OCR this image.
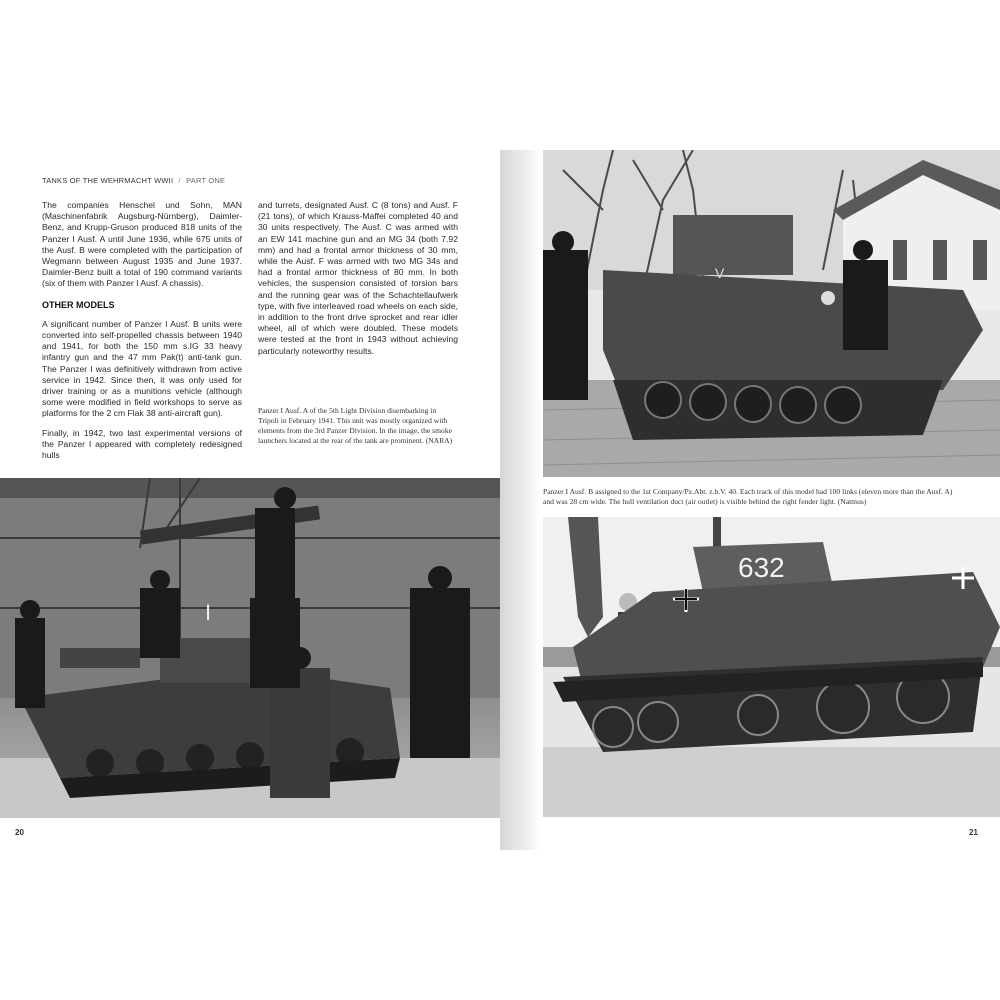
TANKS OF THE WEHRMACHT WWII / PART ONE

The companies Henschel und Sohn, MAN (Maschinenfabrik Augsburg-Nürnberg), Daimler-Benz, and Krupp-Gruson produced 818 units of the Panzer I Ausf. A until June 1936, while 675 units of the Ausf. B were completed with the participation of Wegmann between August 1935 and June 1937. Daimler-Benz built a total of 190 command variants (six of them with Panzer I Ausf. A chassis).

OTHER MODELS

A significant number of Panzer I Ausf. B units were converted into self-propelled chassis between 1940 and 1941, for both the 150 mm s.IG 33 heavy infantry gun and the 47 mm Pak(t) anti-tank gun. The Panzer I was definitively withdrawn from active service in 1942. Since then, it was only used for driver training or as a munitions vehicle (although some were modified in field workshops to serve as platforms for the 2 cm Flak 38 anti-aircraft gun).

Finally, in 1942, two last experimental versions of the Panzer I appeared with completely redesigned hulls

and turrets, designated Ausf. C (8 tons) and Ausf. F (21 tons), of which Krauss-Maffei completed 40 and 30 units respectively. The Ausf. C was armed with an EW 141 machine gun and an MG 34 (both 7.92 mm) and had a frontal armor thickness of 30 mm, while the Ausf. F was armed with two MG 34s and had a frontal armor thickness of 80 mm. In both vehicles, the suspension consisted of torsion bars and the running gear was of the Schachtellaufwerk type, with five interleaved road wheels on each side, in addition to the front drive sprocket and rear idler wheel, all of which were doubled. These models were tested at the front in 1943 without achieving particularly noteworthy results.

Panzer I Ausf. A of the 5th Light Division disembarking in Tripoli in February 1941. This unit was mostly organized with elements from the 3rd Panzer Division. In the image, the smoke launchers located at the rear of the tank are prominent. (NARA)
I
V
Panzer I Ausf. B assigned to the 1st Company/Pz.Abt. z.b.V. 40. Each track of this model had 100 links (eleven more than the Ausf. A) and was 28 cm wide. The hull ventilation duct (air outlet) is visible behind the right fender light. (Natmus)
632
20	21
